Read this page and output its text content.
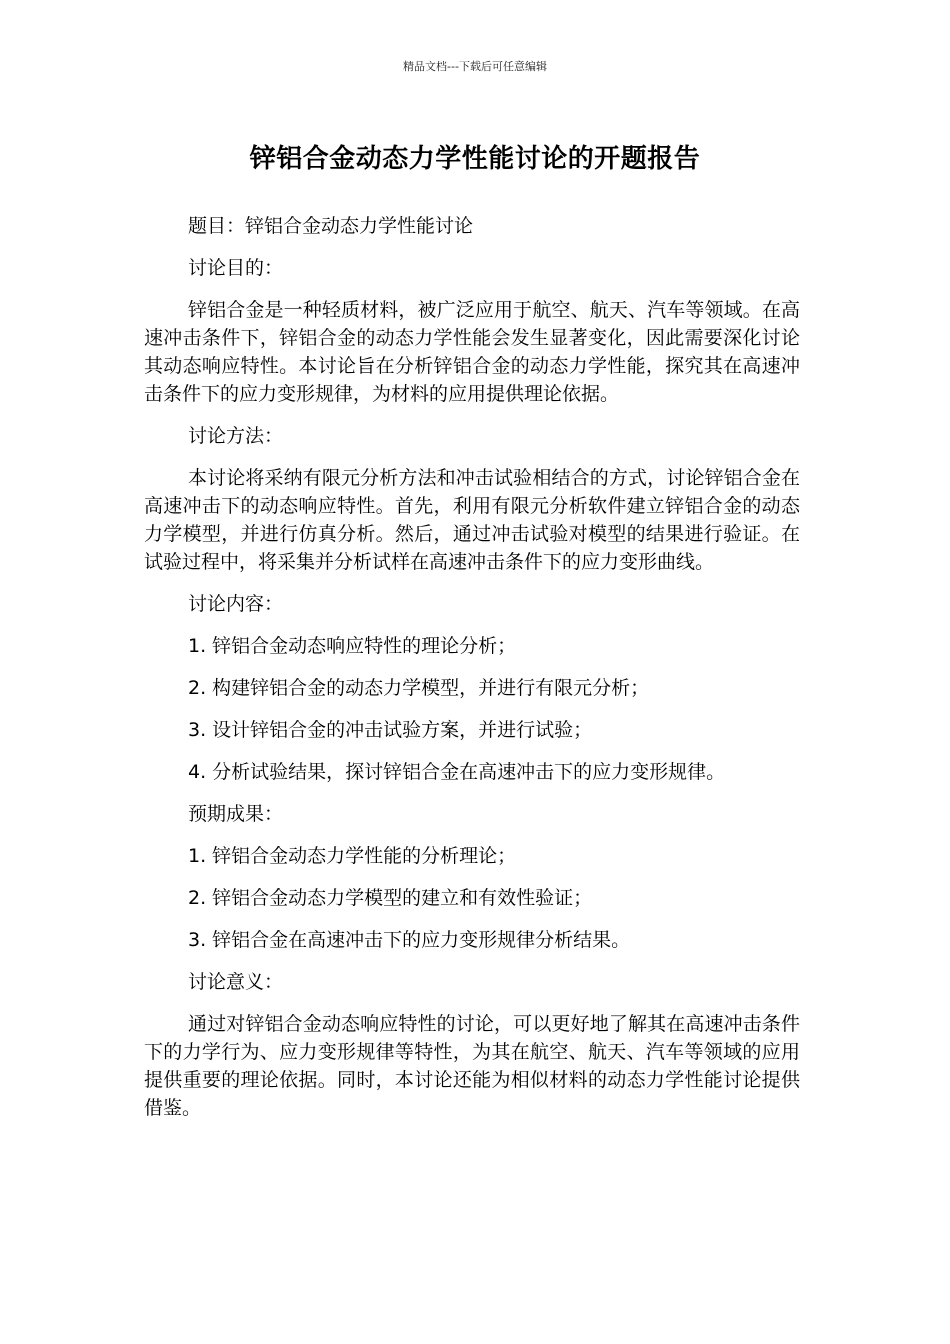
精品文档---下载后可任意编辑
锌铝合金动态力学性能讨论的开题报告

题目：锌铝合金动态力学性能讨论

讨论目的：

锌铝合金是一种轻质材料，被广泛应用于航空、航天、汽车等领域。在高速冲击条件下，锌铝合金的动态力学性能会发生显著变化，因此需要深化讨论其动态响应特性。本讨论旨在分析锌铝合金的动态力学性能，探究其在高速冲击条件下的应力变形规律，为材料的应用提供理论依据。

讨论方法：

本讨论将采纳有限元分析方法和冲击试验相结合的方式，讨论锌铝合金在高速冲击下的动态响应特性。首先，利用有限元分析软件建立锌铝合金的动态力学模型，并进行仿真分析。然后，通过冲击试验对模型的结果进行验证。在试验过程中，将采集并分析试样在高速冲击条件下的应力变形曲线。

讨论内容：

1. 锌铝合金动态响应特性的理论分析；

2. 构建锌铝合金的动态力学模型，并进行有限元分析；

3. 设计锌铝合金的冲击试验方案，并进行试验；

4. 分析试验结果，探讨锌铝合金在高速冲击下的应力变形规律。

预期成果：

1. 锌铝合金动态力学性能的分析理论；

2. 锌铝合金动态力学模型的建立和有效性验证；

3. 锌铝合金在高速冲击下的应力变形规律分析结果。

讨论意义：

通过对锌铝合金动态响应特性的讨论，可以更好地了解其在高速冲击条件下的力学行为、应力变形规律等特性，为其在航空、航天、汽车等领域的应用提供重要的理论依据。同时，本讨论还能为相似材料的动态力学性能讨论提供借鉴。
